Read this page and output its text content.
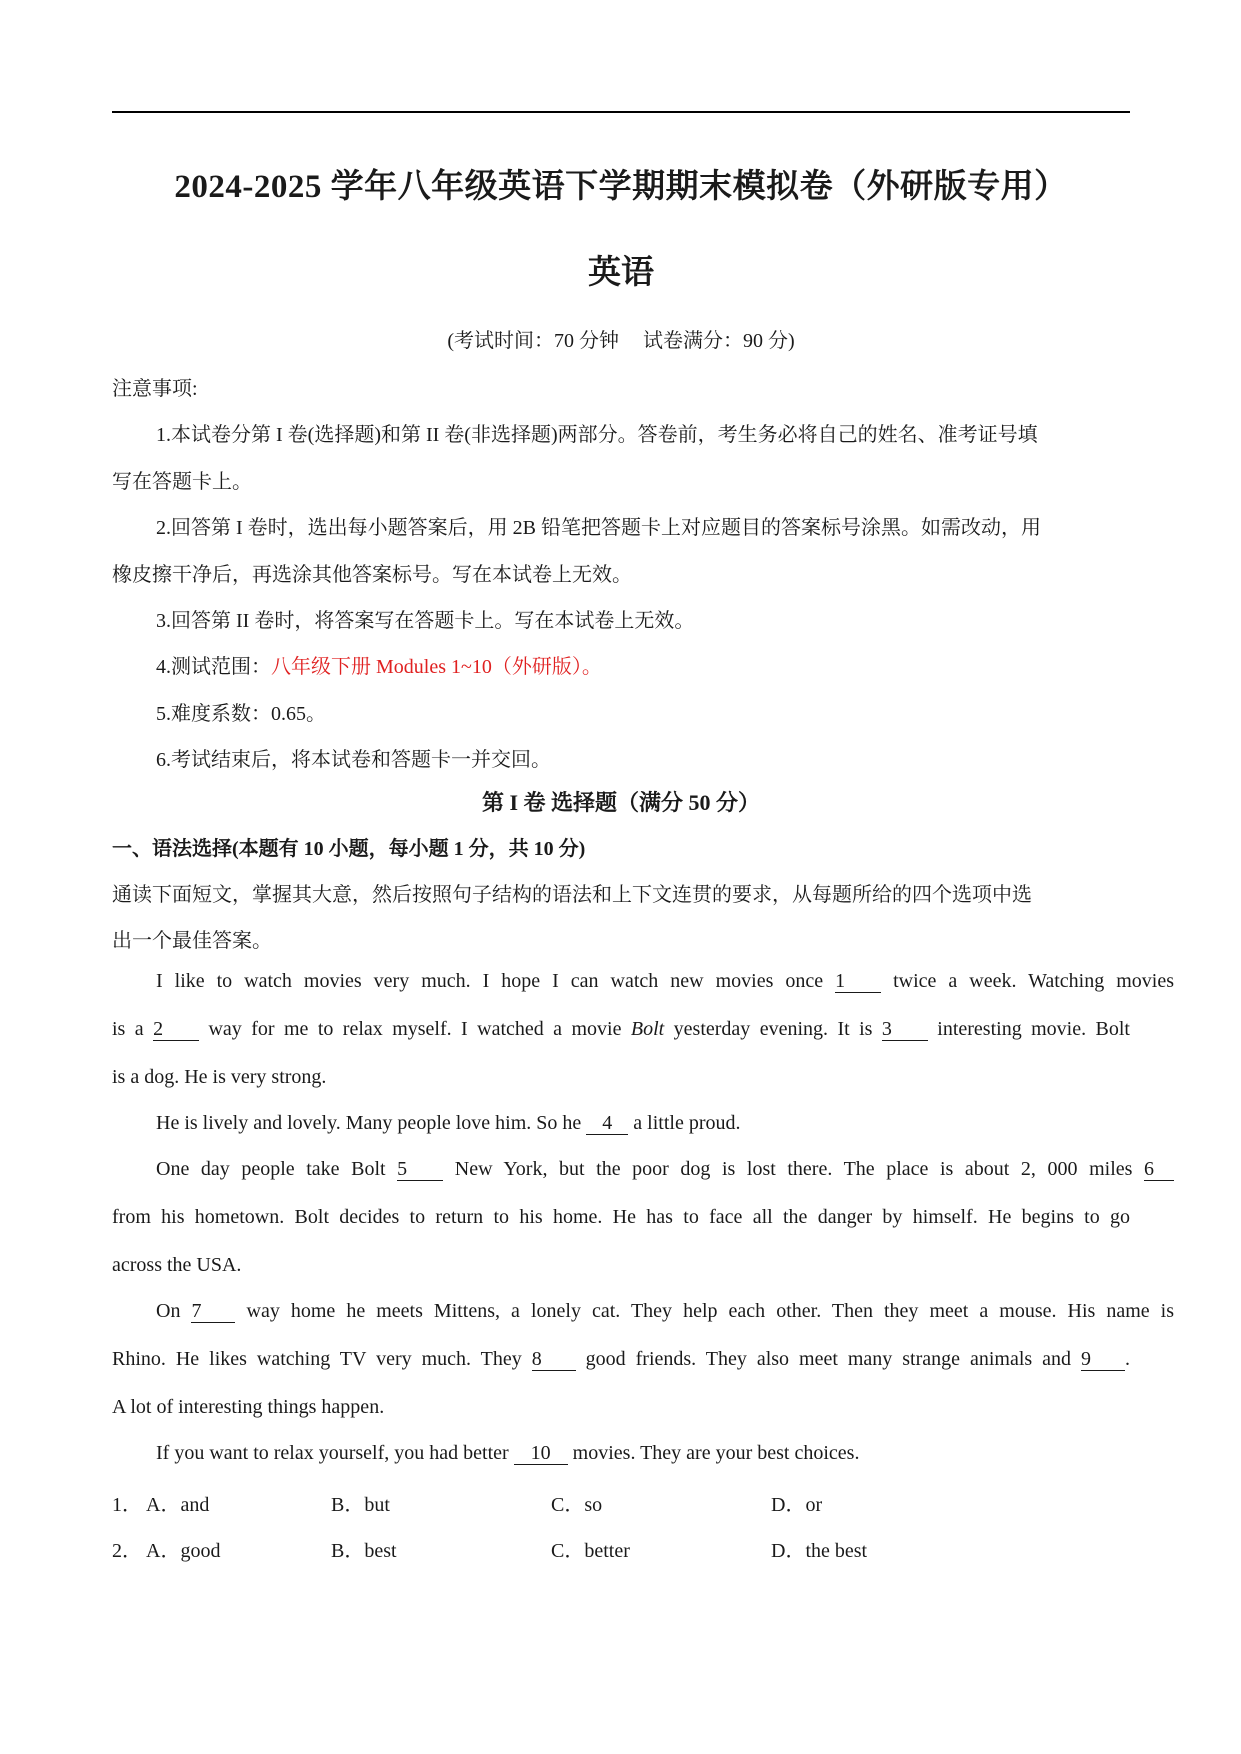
2024-2025 学年八年级英语下学期期末模拟卷（外研版专用）
英语
(考试时间：70 分钟 试卷满分：90 分)
注意事项:
1.本试卷分第 I 卷(选择题)和第 II 卷(非选择题)两部分。答卷前，考生务必将自己的姓名、准考证号填
写在答题卡上。
2.回答第 I 卷时，选出每小题答案后，用 2B 铅笔把答题卡上对应题目的答案标号涂黑。如需改动，用
橡皮擦干净后，再选涂其他答案标号。写在本试卷上无效。
3.回答第 II 卷时，将答案写在答题卡上。写在本试卷上无效。
4.测试范围：八年级下册 Modules 1~10（外研版）。
5.难度系数：0.65。
6.考试结束后，将本试卷和答题卡一并交回。
第 I 卷 选择题（满分 50 分）
一、语法选择(本题有 10 小题，每小题 1 分，共 10 分)
通读下面短文，掌握其大意，然后按照句子结构的语法和上下文连贯的要求，从每题所给的四个选项中选
出一个最佳答案。
I like to watch movies very much. I hope I can watch new movies once 1 twice a week. Watching movies
is a 2 way for me to relax myself. I watched a movie Bolt yesterday evening. It is 3 interesting movie. Bolt
is a dog. He is very strong.
He is lively and lovely. Many people love him. So he 4 a little proud.
One day people take Bolt 5 New York, but the poor dog is lost there. The place is about 2, 000 miles 6
from his hometown. Bolt decides to return to his home. He has to face all the danger by himself. He begins to go
across the USA.
On 7 way home he meets Mittens, a lonely cat. They help each other. Then they meet a mouse. His name is
Rhino. He likes watching TV very much. They 8 good friends. They also meet many strange animals and 9 .
A lot of interesting things happen.
If you want to relax yourself, you had better 10 movies. They are your best choices.
1． A．and	B．but	C．so	D．or
2． A．good	B．best	C．better	D．the best
